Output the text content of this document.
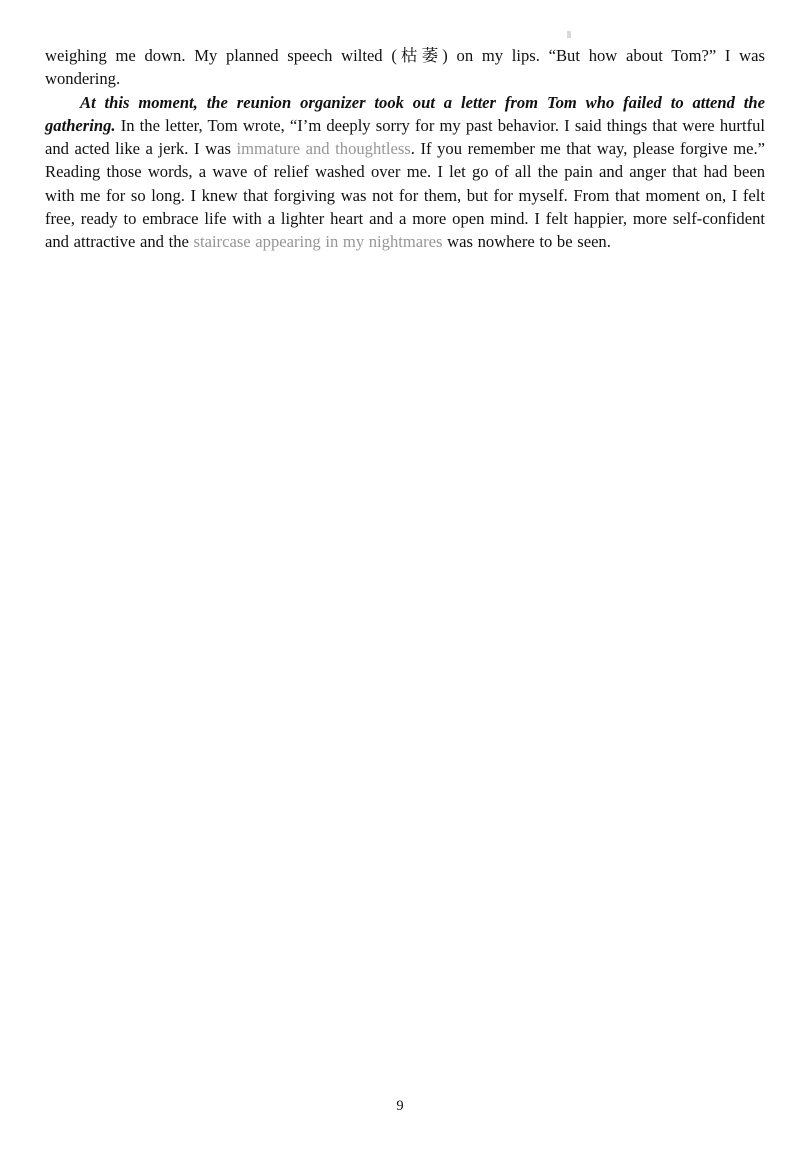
weighing me down. My planned speech wilted (枯萎) on my lips. “But how about Tom?” I was wondering.

At this moment, the reunion organizer took out a letter from Tom who failed to attend the gathering. In the letter, Tom wrote, “I’m deeply sorry for my past behavior. I said things that were hurtful and acted like a jerk. I was immature and thoughtless. If you remember me that way, please forgive me.” Reading those words, a wave of relief washed over me. I let go of all the pain and anger that had been with me for so long. I knew that forgiving was not for them, but for myself. From that moment on, I felt free, ready to embrace life with a lighter heart and a more open mind. I felt happier, more self-confident and attractive and the staircase appearing in my nightmares was nowhere to be seen.

9
